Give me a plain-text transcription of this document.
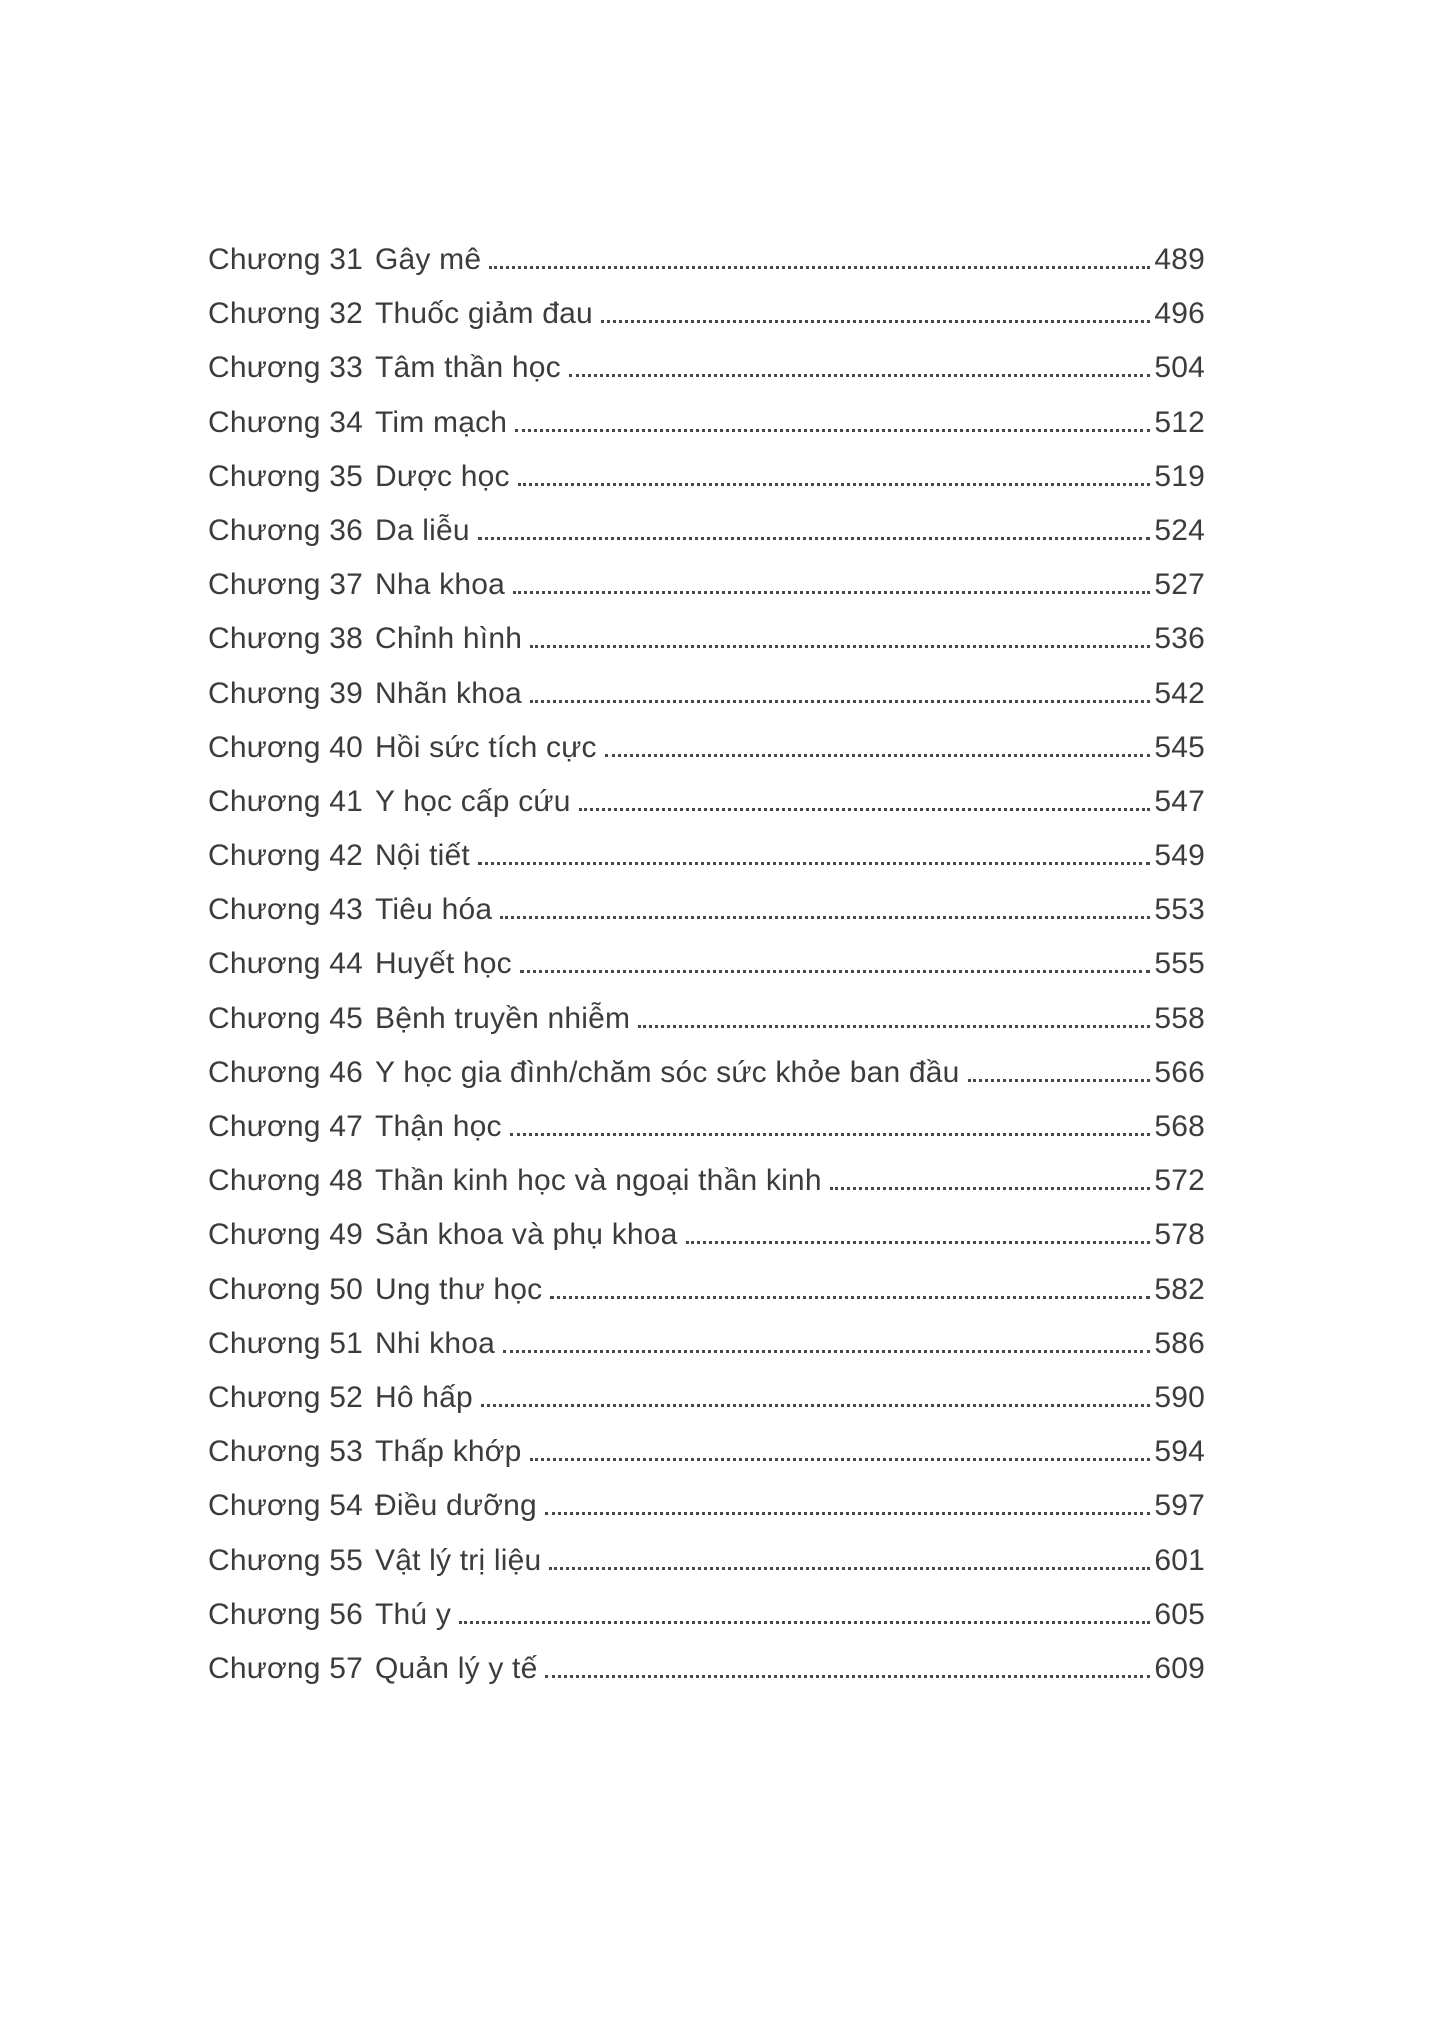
Chương 31 Gây mê	489
Chương 32 Thuốc giảm đau	496
Chương 33 Tâm thần học	504
Chương 34 Tim mạch	512
Chương 35 Dược học	519
Chương 36 Da liễu	524
Chương 37 Nha khoa	527
Chương 38 Chỉnh hình	536
Chương 39 Nhãn khoa	542
Chương 40 Hồi sức tích cực	545
Chương 41 Y học cấp cứu	547
Chương 42 Nội tiết	549
Chương 43 Tiêu hóa	553
Chương 44 Huyết học	555
Chương 45 Bệnh truyền nhiễm	558
Chương 46 Y học gia đình/chăm sóc sức khỏe ban đầu	566
Chương 47 Thận học	568
Chương 48 Thần kinh học và ngoại thần kinh	572
Chương 49 Sản khoa và phụ khoa	578
Chương 50 Ung thư học	582
Chương 51 Nhi khoa	586
Chương 52 Hô hấp	590
Chương 53 Thấp khớp	594
Chương 54 Điều dưỡng	597
Chương 55 Vật lý trị liệu	601
Chương 56 Thú y	605
Chương 57 Quản lý y tế	609
